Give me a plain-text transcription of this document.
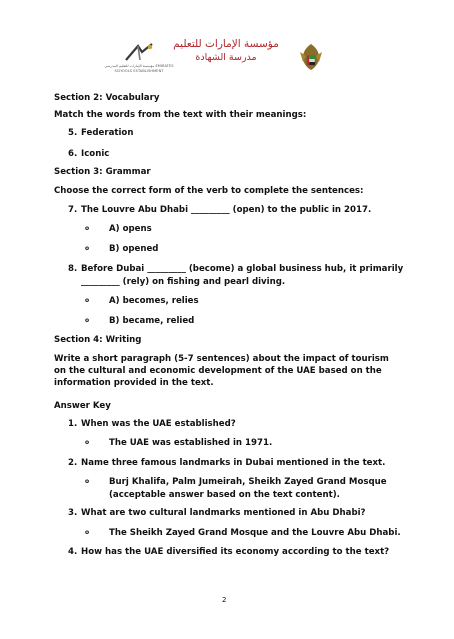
مؤسسة الإمارات للتعليم المدرسي EMIRATES SCHOOLS ESTABLISHMENT
مؤسسة الإمارات للتعليم
مدرسة الشهادة
Section 2: Vocabulary
Match the words from the text with their meanings:
5. Federation
6. Iconic
Section 3: Grammar
Choose the correct form of the verb to complete the sentences:
7. The Louvre Abu Dhabi _________ (open) to the public in 2017.
o A) opens
o B) opened
8. Before Dubai _________ (become) a global business hub, it primarily
_________ (rely) on fishing and pearl diving.
o A) becomes, relies
o B) became, relied
Section 4: Writing
Write a short paragraph (5-7 sentences) about the impact of tourism on the cultural and economic development of the UAE based on the information provided in the text.
Answer Key
1. When was the UAE established?
o The UAE was established in 1971.
2. Name three famous landmarks in Dubai mentioned in the text.
o Burj Khalifa, Palm Jumeirah, Sheikh Zayed Grand Mosque
(acceptable answer based on the text content).
3. What are two cultural landmarks mentioned in Abu Dhabi?
o The Sheikh Zayed Grand Mosque and the Louvre Abu Dhabi.
4. How has the UAE diversified its economy according to the text?
2
